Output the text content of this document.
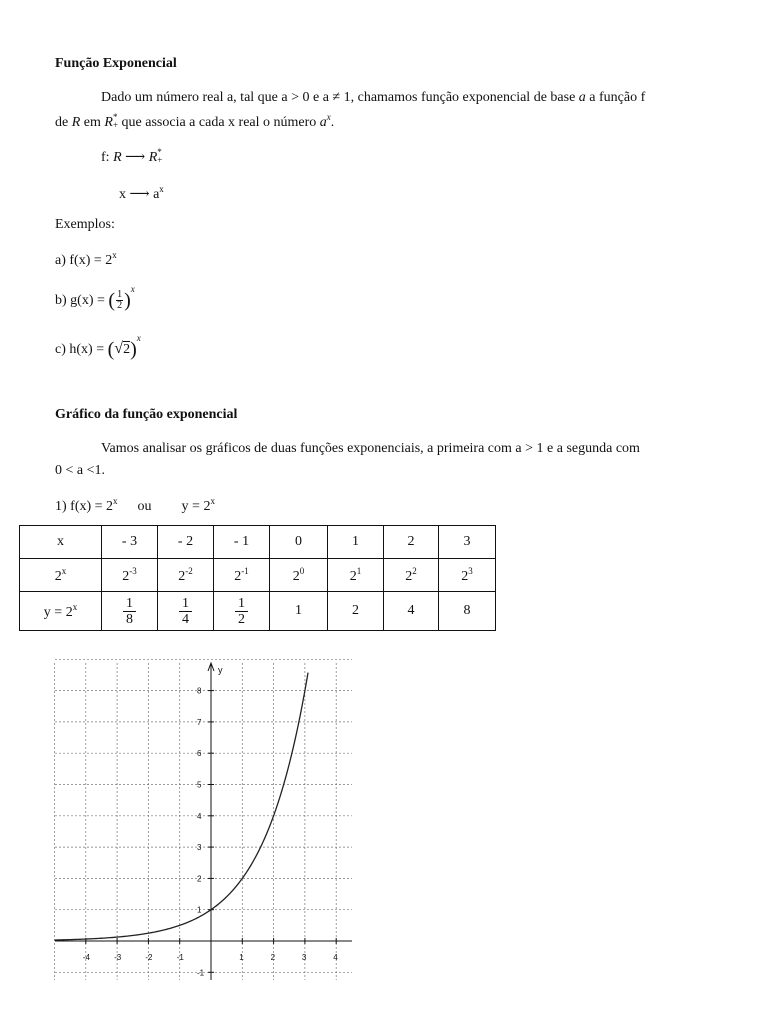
Função Exponencial
Dado um número real a, tal que a > 0 e a ≠ 1, chamamos função exponencial de base a a função f
de R em R *
+ que associa a cada x real o número $a^x$.
f: R ⟶ R *
+
x ⟶ $a^x$
Exemplos:
a) $f(x) = 2^x$
b) g(x) = ( $\frac{1}{2} )^x$
c) $h(x) = (√2)^x$
Gráfico da função exponencial
Vamos analisar os gráficos de duas funções exponenciais, a primeira com a > 1 e a segunda com
0 < a <1.
1) $f(x) = 2^x$ ou $y = 2^x$
x	- 3	- 2	- 1	0	1	2	3
2$^x$	$2^{-3}$	$2^{-2}$	$2^{-1}$	$2^0$	$2^1$	$2^2$	$2^3$
$y = 2^x$	$\frac{1}{8}$	$\frac{1}{4}$	$\frac{1}{2}$	1	2	4	8
-4	-3	-2	-1	1	2	3	4
-1
1
2
3
4
5
6
7
8
y
